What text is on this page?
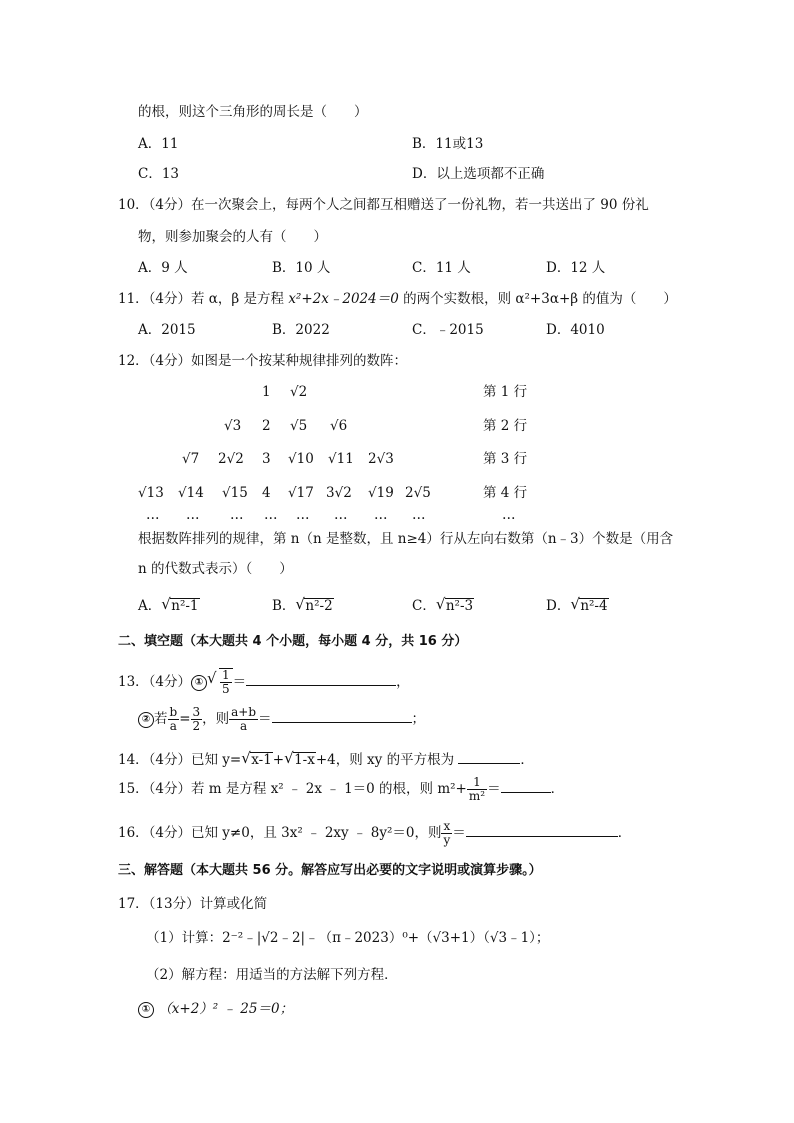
的根，则这个三角形的周长是（　　）
A．11	B．11或13
C．13	D．以上选项都不正确
10．（4分）在一次聚会上，每两个人之间都互相赠送了一份礼物，若一共送出了 90 份礼
物，则参加聚会的人有（　　）
A．9 人	B．10 人	C．11 人	D．12 人
11．（4分）若 α，β 是方程 x²+2x﹣2024＝0 的两个实数根，则 α²+3α+β 的值为（　　）
A．2015	B．2022	C．﹣2015	D．4010
12．（4分）如图是一个按某种规律排列的数阵：
1 √2	第 1 行
√3 2 √5 √6	第 2 行
√7 2√2 3 √10 √11 2√3	第 3 行
√13 √14 √15 4 √17 3√2 √19 2√5	第 4 行
… … … … … … … …	…
根据数阵排列的规律，第 n（n 是整数，且 n≥4）行从左向右数第（n﹣3）个数是（用含
n 的代数式表示）（　　）
A． √ n²-1	B． √ n²-2	C． √ n²-3	D． √ n²-4
二、填空题（本大题共 4 个小题，每小题 4 分，共 16 分）
13．（4分） ① √ $\frac{1}{5}$ ＝	，
② 若 $\frac{b}{a} = \frac{3}{2}$ ，则 $\frac{a+b}{a}$ ＝	；
14．（4分）已知 y= √ x-1+ √ 1-x+4，则 xy 的平方根为	．
15．（4分）若 m 是方程 x² ﹣ 2x ﹣ 1＝0 的根，则 $m^2+ \frac{1}{\text{m²}}$ ＝	．
16．（4分）已知 y≠0，且 3x² ﹣ 2xy ﹣ 8y²＝0，则 $\frac{x}{y}$ ＝	．
三、解答题（本大题共 56 分。解答应写出必要的文字说明或演算步骤。）
17．（13分）计算或化简
（1）计算：2⁻²﹣|√2﹣2|﹣（π﹣2023）⁰+（√3+1）（√3﹣1）；
（2）解方程：用适当的方法解下列方程．
① （x+2）² ﹣ 25＝0；
